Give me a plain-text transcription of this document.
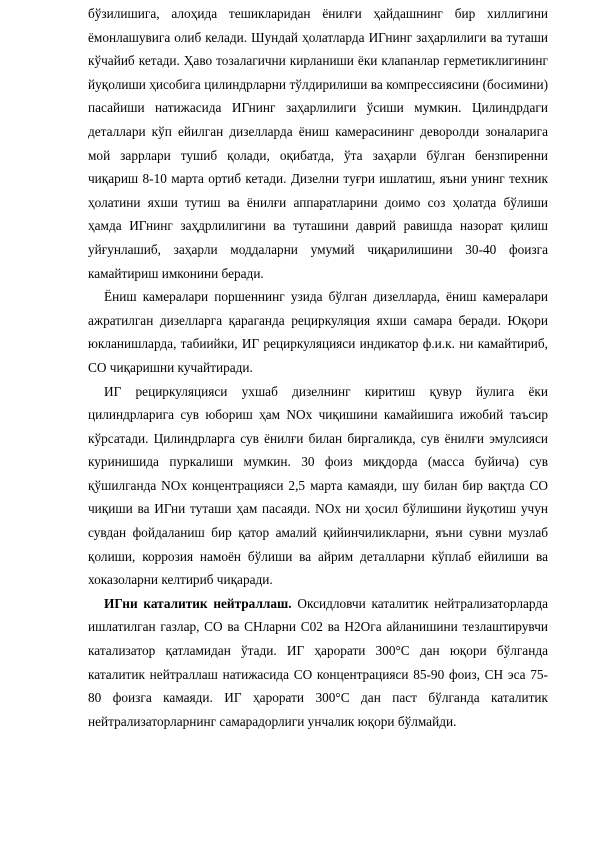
бўзилишига, алоҳида тешикларидан ёнилғи ҳайдашнинг бир хиллигини ёмонлашувига олиб келади. Шундай ҳолатларда ИГнинг заҳарлилиги ва туташи кўчайиб кетади. Ҳаво тозалагични кирланиши ёки клапанлар герметиклигининг йуқолиши ҳисобига цилиндрларни тўлдирилиши ва компрессиясини (босимини) пасайиши натижасида ИГнинг заҳарлилиги ўсиши мумкин. Цилиндрдаги деталлари кўп ейилган дизелларда ёниш камерасининг деворолди зоналарига мой заррлари тушиб қолади, оқибатда, ўта заҳарли бўлган бензпиренни чиқариш 8-10 марта ортиб кетади. Дизелни туғри ишлатиш, яъни унинг техник ҳолатини яхши тутиш ва ёнилғи аппаратларини доимо соз ҳолатда бўлиши ҳамда ИГнинг заҳдрлилигини ва туташини даврий равишда назорат қилиш уйғунлашиб, заҳарли моддаларни умумий чиқарилишини 30-40 фоизга камайтириш имконини беради.

Ёниш камералари поршеннинг узида бўлган дизелларда, ёниш камералари ажратилган дизелларга қараганда рециркуляция яхши самара беради. Юқори юкланишларда, табиийки, ИГ рециркуляцияси индикатор ф.и.к. ни камайтириб, CO чиқаришни кучайтиради.

ИГ рециркуляцияси ухшаб дизелнинг киритиш қувур йулига ёки цилиндрларига сув юбориш ҳам NOx чиқишини камайишига ижобий таъсир кўрсатади. Цилиндрларга сув ёнилғи билан биргаликда, сув ёнилғи эмулсияси куринишида пуркалиши мумкин. 30 фоиз миқдорда (масса буйича) сув қўшилганда NOx концентрацияси 2,5 марта камаяди, шу билан бир вақтда CO чиқиши ва ИГни туташи ҳам пасаяди. NOx ни ҳосил бўлишини йуқотиш учун сувдан фойдаланиш бир қатор амалий қийинчиликларни, яъни сувни музлаб қолиши, коррозия намоён бўлиши ва айрим деталларни кўплаб ейилиши ва хоказоларни келтириб чиқаради.

ИГни каталитик нейтраллаш. Оксидловчи каталитик нейтрализаторларда ишлатилган газлар, CO ва CHларни C02 ва H2Oга айланишини тезлаштирувчи катализатор қатламидан ўтади. ИГ ҳарорати 300°С дан юқори бўлганда каталитик нейтраллаш натижасида CO концентрацияси 85-90 фоиз, CH эса 75-80 фоизга камаяди. ИГ ҳарорати 300°С дан паст бўлганда каталитик нейтрализаторларнинг самарадорлиги унчалик юқори бўлмайди.
